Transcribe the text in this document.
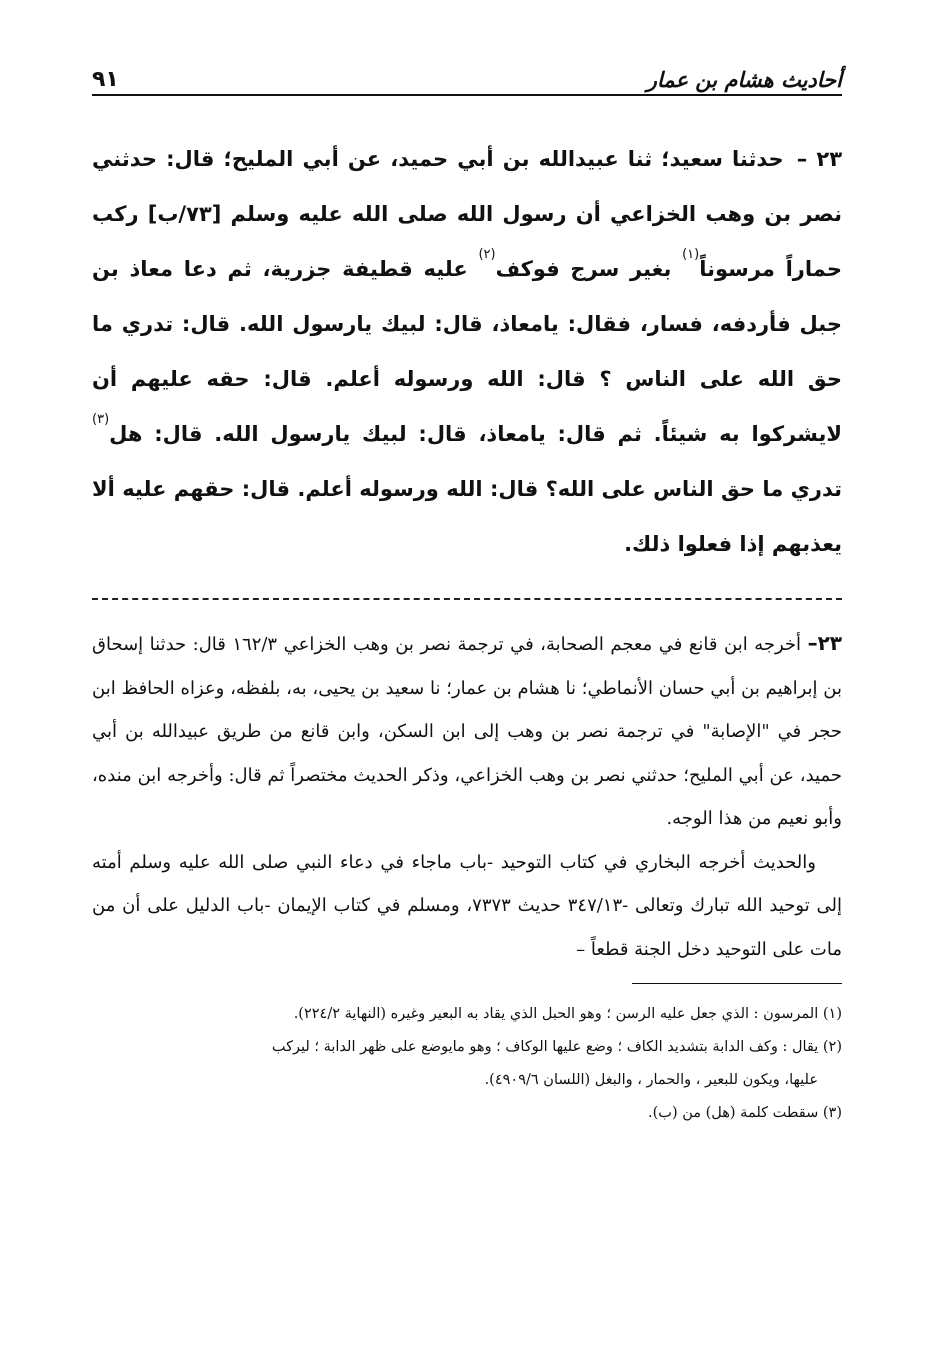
أحاديث هشام بن عمار
٩١

٢٣ – حدثنا سعيد؛ ثنا عبيدالله بن أبي حميد، عن أبي المليح؛ قال: حدثني نصر بن وهب الخزاعي أن رسول الله صلى الله عليه وسلم [٧٣/ب] ركب حماراً مرسوناً$^{(١)}$ بغير سرج فوكف$^{(٢)}$ عليه قطيفة جزرية، ثم دعا معاذ بن جبل فأردفه، فسار، فقال: يامعاذ، قال: لبيك يارسول الله. قال: تدري ما حق الله على الناس ؟ قال: الله ورسوله أعلم. قال: حقه عليهم أن لايشركوا به شيئاً. ثم قال: يامعاذ، قال: لبيك يارسول الله. قال: هل$^{(٣)}$ تدري ما حق الناس على الله؟ قال: الله ورسوله أعلم. قال: حقهم عليه ألا يعذبهم إذا فعلوا ذلك.

٢٣– أخرجه ابن قانع في معجم الصحابة، في ترجمة نصر بن وهب الخزاعي ١٦٢/٣ قال: حدثنا إسحاق بن إبراهيم بن أبي حسان الأنماطي؛ نا هشام بن عمار؛ نا سعيد بن يحيى، به، بلفظه، وعزاه الحافظ ابن حجر في "الإصابة" في ترجمة نصر بن وهب إلى ابن السكن، وابن قانع من طريق عبيدالله بن أبي حميد، عن أبي المليح؛ حدثني نصر بن وهب الخزاعي، وذكر الحديث مختصراً ثم قال: وأخرجه ابن منده، وأبو نعيم من هذا الوجه.

والحديث أخرجه البخاري في كتاب التوحيد -باب ماجاء في دعاء النبي صلى الله عليه وسلم أمته إلى توحيد الله تبارك وتعالى -٣٤٧/١٣ حديث ٧٣٧٣، ومسلم في كتاب الإيمان -باب الدليل على أن من مات على التوحيد دخل الجنة قطعاً –

(١) المرسون : الذي جعل عليه الرسن ؛ وهو الحبل الذي يقاد به البعير وغيره (النهاية ٢٢٤/٢).

(٢) يقال : وكف الدابة بتشديد الكاف ؛ وضع عليها الوكاف ؛ وهو مايوضع على ظهر الدابة ؛ ليركب

عليها، ويكون للبعير ، والحمار ، والبغل (اللسان ٤٩٠٩/٦).

(٣) سقطت كلمة (هل) من (ب).
